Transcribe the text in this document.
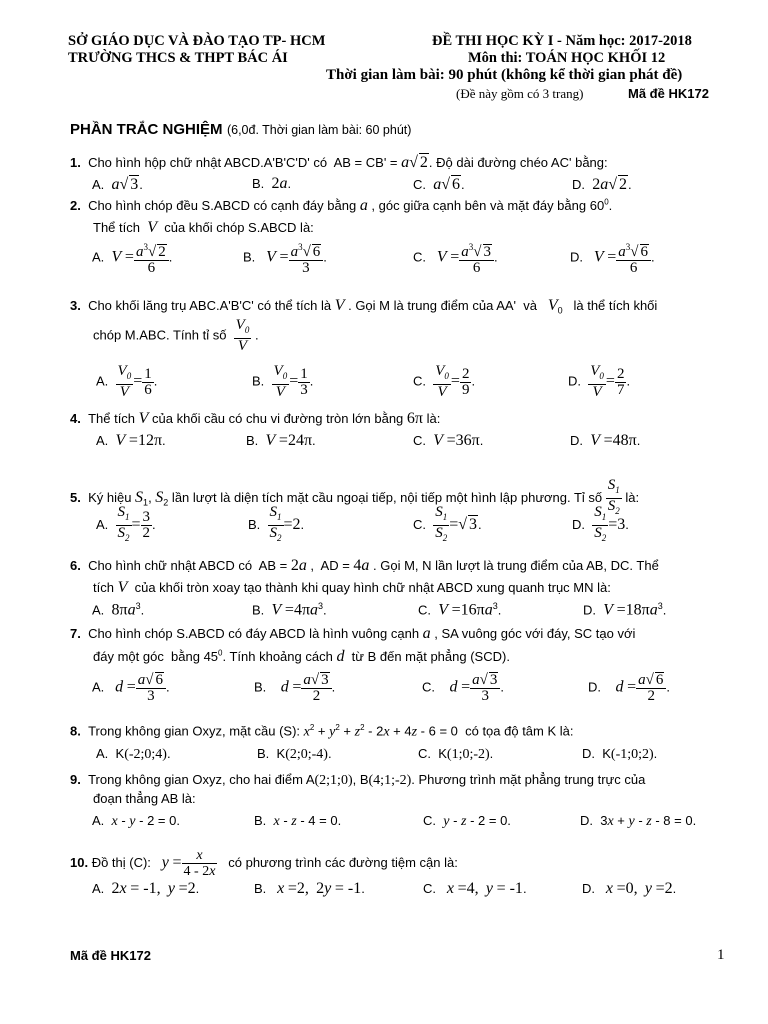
SỞ GIÁO DỤC VÀ ĐÀO TẠO TP- HCM
TRƯỜNG THCS & THPT BÁC ÁI
ĐỀ THI HỌC KỲ I - Năm học: 2017-2018
Môn thi: TOÁN HỌC KHỐI 12
Thời gian làm bài: 90 phút (không kể thời gian phát đề)
(Đề này gồm có 3 trang)	Mã đề HK172
PHẦN TRẮC NGHIỆM (6,0đ. Thời gian làm bài: 60 phút)
1.  Cho hình hộp chữ nhật ABCD.A'B'C'D' có  AB = CB' = a√ 2. Độ dài đường chéo AC' bằng:
A.  a√ 3.	B.  2a.	C.  a√ 6.	D.  2a√ 2.
2.  Cho hình chóp đều S.ABCD có cạnh đáy bằng a , góc giữa cạnh bên và mặt đáy bằng $60^0$.
Thể tích  V  của khối chóp S.ABCD là:
A.  $V = \frac{a^3√ 2}{6}$ .	B.   $V = \frac{a^3√ 6}{3}$ .	C.   $V = \frac{a^3√ 3}{6}$ .	D.   $V = \frac{a^3√ 6}{6}$ .
3.  Cho khối lăng trụ ABC.A'B'C' có thể tích là V . Gọi M là trung điểm của AA'  và   $V_0$   là thể tích khối
chóp M.ABC. Tính tỉ số $\frac{V_0}{V}$ .
A. $\frac{V_0}{V} = \frac{1}{6}$ .	B. $\frac{V_0}{V} = \frac{1}{3}$ .	C. $\frac{V_0}{V} = \frac{2}{9}$ .	D. $\frac{V_0}{V} = \frac{2}{7}$ .
4.  Thể tích V của khối cầu có chu vi đường tròn lớn bằng 6π là:
A.  V =12π.	B.  V =24π.	C.  V =36π.	D.  V =48π.
5.  Ký hiệu $S_1$, $S_2$ lần lượt là diện tích mặt cầu ngoại tiếp, nội tiếp một hình lập phương. Tỉ số $\frac{S_1}{S_2}$ là:
A. $\frac{S_1}{S_2} = \frac{3}{2}$ .	B. $\frac{S_1}{S_2} =2$.	C. $\frac{S_1}{S_2}$ =√ 3.	D. $\frac{S_1}{S_2} =3$.
6.  Cho hình chữ nhật ABCD có  AB = 2a ,  AD = 4a . Gọi M, N lần lượt là trung điểm của AB, DC. Thể
tích V  của khối tròn xoay tạo thành khi quay hình chữ nhật ABCD xung quanh trục MN là:
A.  $8\pi a^3$.	B.  $V =4\pi a^3$.	C.  $V =16\pi a^3$.	D.  $V =18\pi a^3$.
7.  Cho hình chóp S.ABCD có đáy ABCD là hình vuông cạnh a , SA vuông góc với đáy, SC tạo với
đáy một góc  bằng $45^0$. Tính khoảng cách d  từ B đến mặt phẳng (SCD).
A.   $d = \frac{a√ 6}{3}$ .	B.    $d = \frac{a√ 3}{2}$ .	C.    $d = \frac{a√ 3}{3}$ .	D.    $d = \frac{a√ 6}{2}$ .
8.  Trong không gian Oxyz, mặt cầu (S): $x^2 + y^2 + z^2 - 2x + 4z - 6 = 0$  có tọa độ tâm K là:
A.  K(-2;0;4).	B.  K(2;0;-4).	C.  K(1;0;-2).	D.  K(-1;0;2).
9.  Trong không gian Oxyz, cho hai điểm A(2;1;0), B(4;1;-2). Phương trình mặt phẳng trung trực của
đoạn thẳng AB là:
A.  x - y - 2 = 0.	B.  x - z - 4 = 0.	C.  y - z - 2 = 0.	D.  3x + y - z - 8 = 0.
10. Đồ thị (C):   $y = \frac{x}{4 - 2x}$ có phương trình các đường tiệm cận là:
A.  2x = -1, y =2.	B.   x =2, 2y = -1.	C.   x =4, y = -1.	D.   x =0, y =2.
Mã đề HK172	1
